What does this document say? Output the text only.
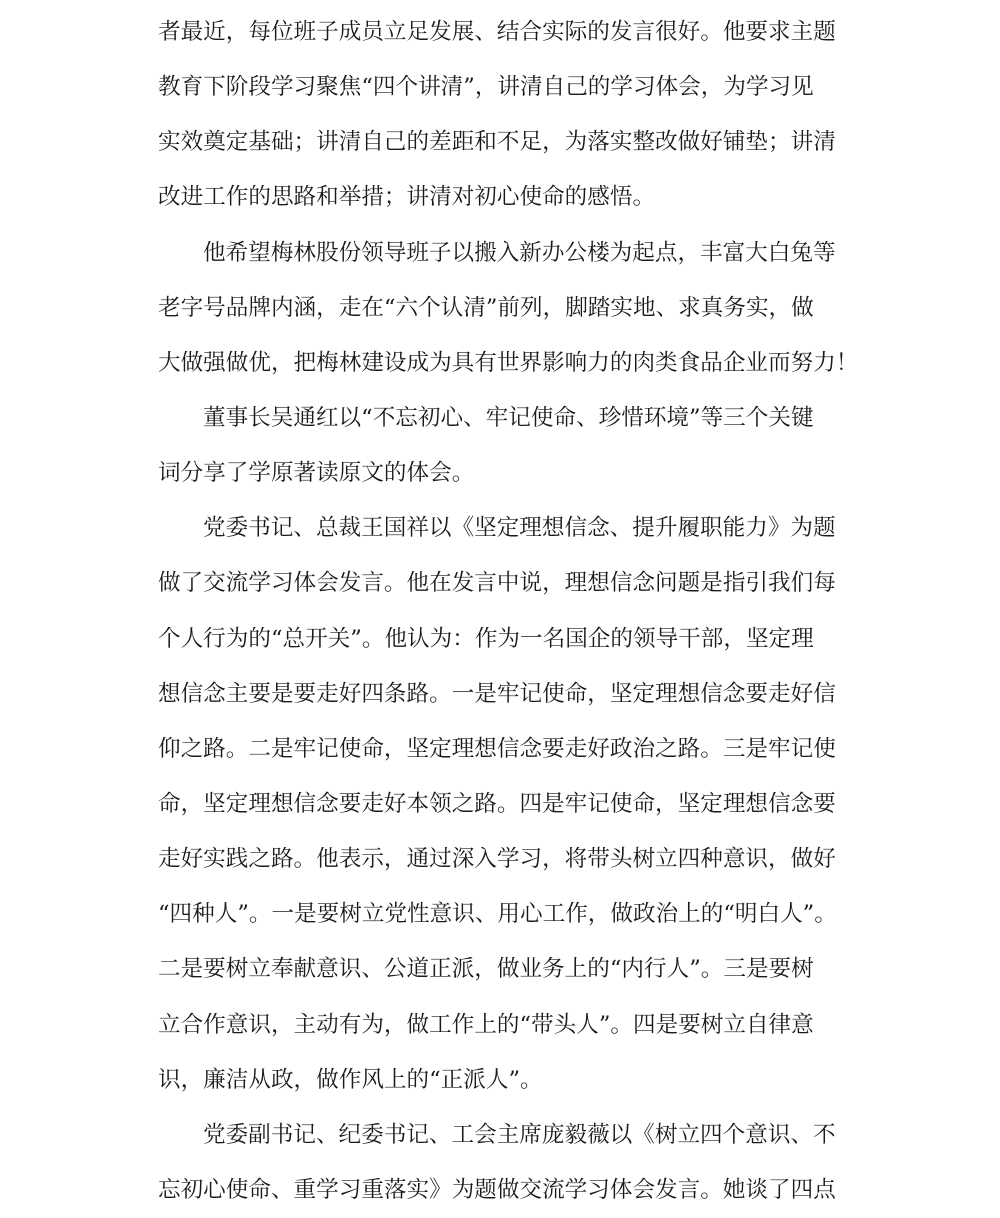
者最近，每位班子成员立足发展、结合实际的发言很好。他要求主题
教育下阶段学习聚焦“四个讲清”，讲清自己的学习体会，为学习见
实效奠定基础；讲清自己的差距和不足，为落实整改做好铺垫；讲清
改进工作的思路和举措；讲清对初心使命的感悟。
他希望梅林股份领导班子以搬入新办公楼为起点，丰富大白兔等
老字号品牌内涵，走在“六个认清”前列，脚踏实地、求真务实，做
大做强做优，把梅林建设成为具有世界影响力的肉类食品企业而努力！
董事长吴通红以“不忘初心、牢记使命、珍惜环境”等三个关键
词分享了学原著读原文的体会。
党委书记、总裁王国祥以《坚定理想信念、提升履职能力》为题
做了交流学习体会发言。他在发言中说，理想信念问题是指引我们每
个人行为的“总开关”。他认为：作为一名国企的领导干部，坚定理
想信念主要是要走好四条路。一是牢记使命，坚定理想信念要走好信
仰之路。二是牢记使命，坚定理想信念要走好政治之路。三是牢记使
命，坚定理想信念要走好本领之路。四是牢记使命，坚定理想信念要
走好实践之路。他表示，通过深入学习，将带头树立四种意识，做好
“四种人”。一是要树立党性意识、用心工作，做政治上的“明白人”。
二是要树立奉献意识、公道正派，做业务上的“内行人”。三是要树
立合作意识，主动有为，做工作上的“带头人”。四是要树立自律意
识，廉洁从政，做作风上的“正派人”。
党委副书记、纪委书记、工会主席庞毅薇以《树立四个意识、不
忘初心使命、重学习重落实》为题做交流学习体会发言。她谈了四点
